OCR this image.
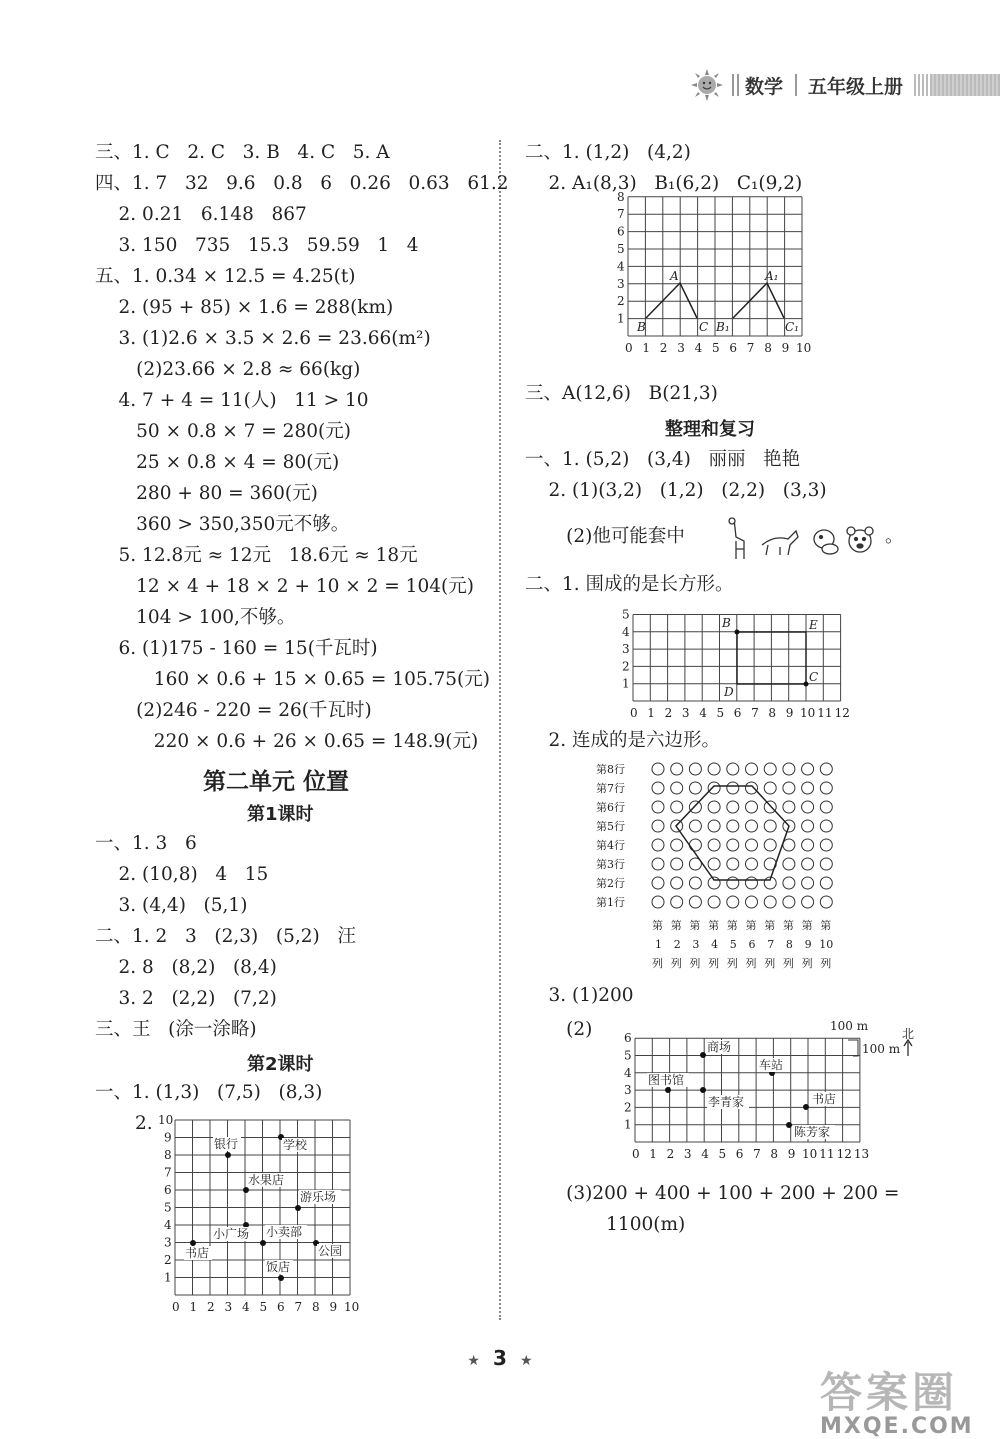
数学 五年级上册
三、1. C   2. C   3. B   4. C   5. A
四、1. 7   32   9.6   0.8   6   0.26   0.63   61.2
2. 0.21   6.148   867
3. 150   735   15.3   59.59   1   4
五、1. 0.34 × 12.5 = 4.25(t)
2. (95 + 85) × 1.6 = 288(km)
3. (1)2.6 × 3.5 × 2.6 = 23.66(m²)
(2)23.66 × 2.8 ≈ 66(kg)
4. 7 + 4 = 11(人)   11 > 10
50 × 0.8 × 7 = 280(元)
25 × 0.8 × 4 = 80(元)
280 + 80 = 360(元)
360 > 350,350元不够。
5. 12.8元 ≈ 12元   18.6元 ≈ 18元
12 × 4 + 18 × 2 + 10 × 2 = 104(元)
104 > 100,不够。
6. (1)175 - 160 = 15(千瓦时)
160 × 0.6 + 15 × 0.65 = 105.75(元)
(2)246 - 220 = 26(千瓦时)
220 × 0.6 + 26 × 0.65 = 148.9(元)
第二单元 位置
第1课时
一、1. 3   6
2. (10,8)   4   15
3. (4,4)   (5,1)
二、1. 2   3   (2,3)   (5,2)   汪
2. 8   (8,2)   (8,4)
3. 2   (2,2)   (7,2)
三、王   (涂一涂略)
第2课时
一、1. (1,3)   (7,5)   (8,3)
2.
0 1 2 3 4 5 6 7 8 9 10
1
2
3
4
5
6
7
8
9
10
银行	学校
水果店
游乐场
小广场 小卖部
书店	公园
饭店
二、1. (1,2)   (4,2)
2. A₁(8,3)   B₁(6,2)   C₁(9,2)
0 1 2 3 4 5 6 7 8 9 10
1
2
3
4
5
6
7
8
A
B	C
A₁
B₁	C₁
三、A(12,6)   B(21,3)
整理和复习
一、1. (5,2)   (3,4)   丽丽   艳艳
2. (1)(3,2)   (1,2)   (2,2)   (3,3)
(2)他可能套中	。
二、1. 围成的是长方形。
0 1 2 3 4 5 6 7 8 9 10 11 12
1
2
3
4
5
B	E
C
D
2. 连成的是六边形。
第8行
第7行
第6行
第5行
第4行
第3行
第2行
第1行
第
1
列
第
2
列
第
3
列
第
4
列
第
5
列
第
6
列
第
7
列
第
8
列
第
9
列
第
10
列
3. (1)200
(2)
0 1 2 3 4 5 6 7 8 9 10 11 12 13
1
2
3
4
5
6
100 m
100 m
北
商场
车站
图书馆
李青家	书店
陈芳家
(3)200 + 400 + 100 + 200 + 200 =
1100(m)
★ 3 ★
答案圈
MXQE.COM
